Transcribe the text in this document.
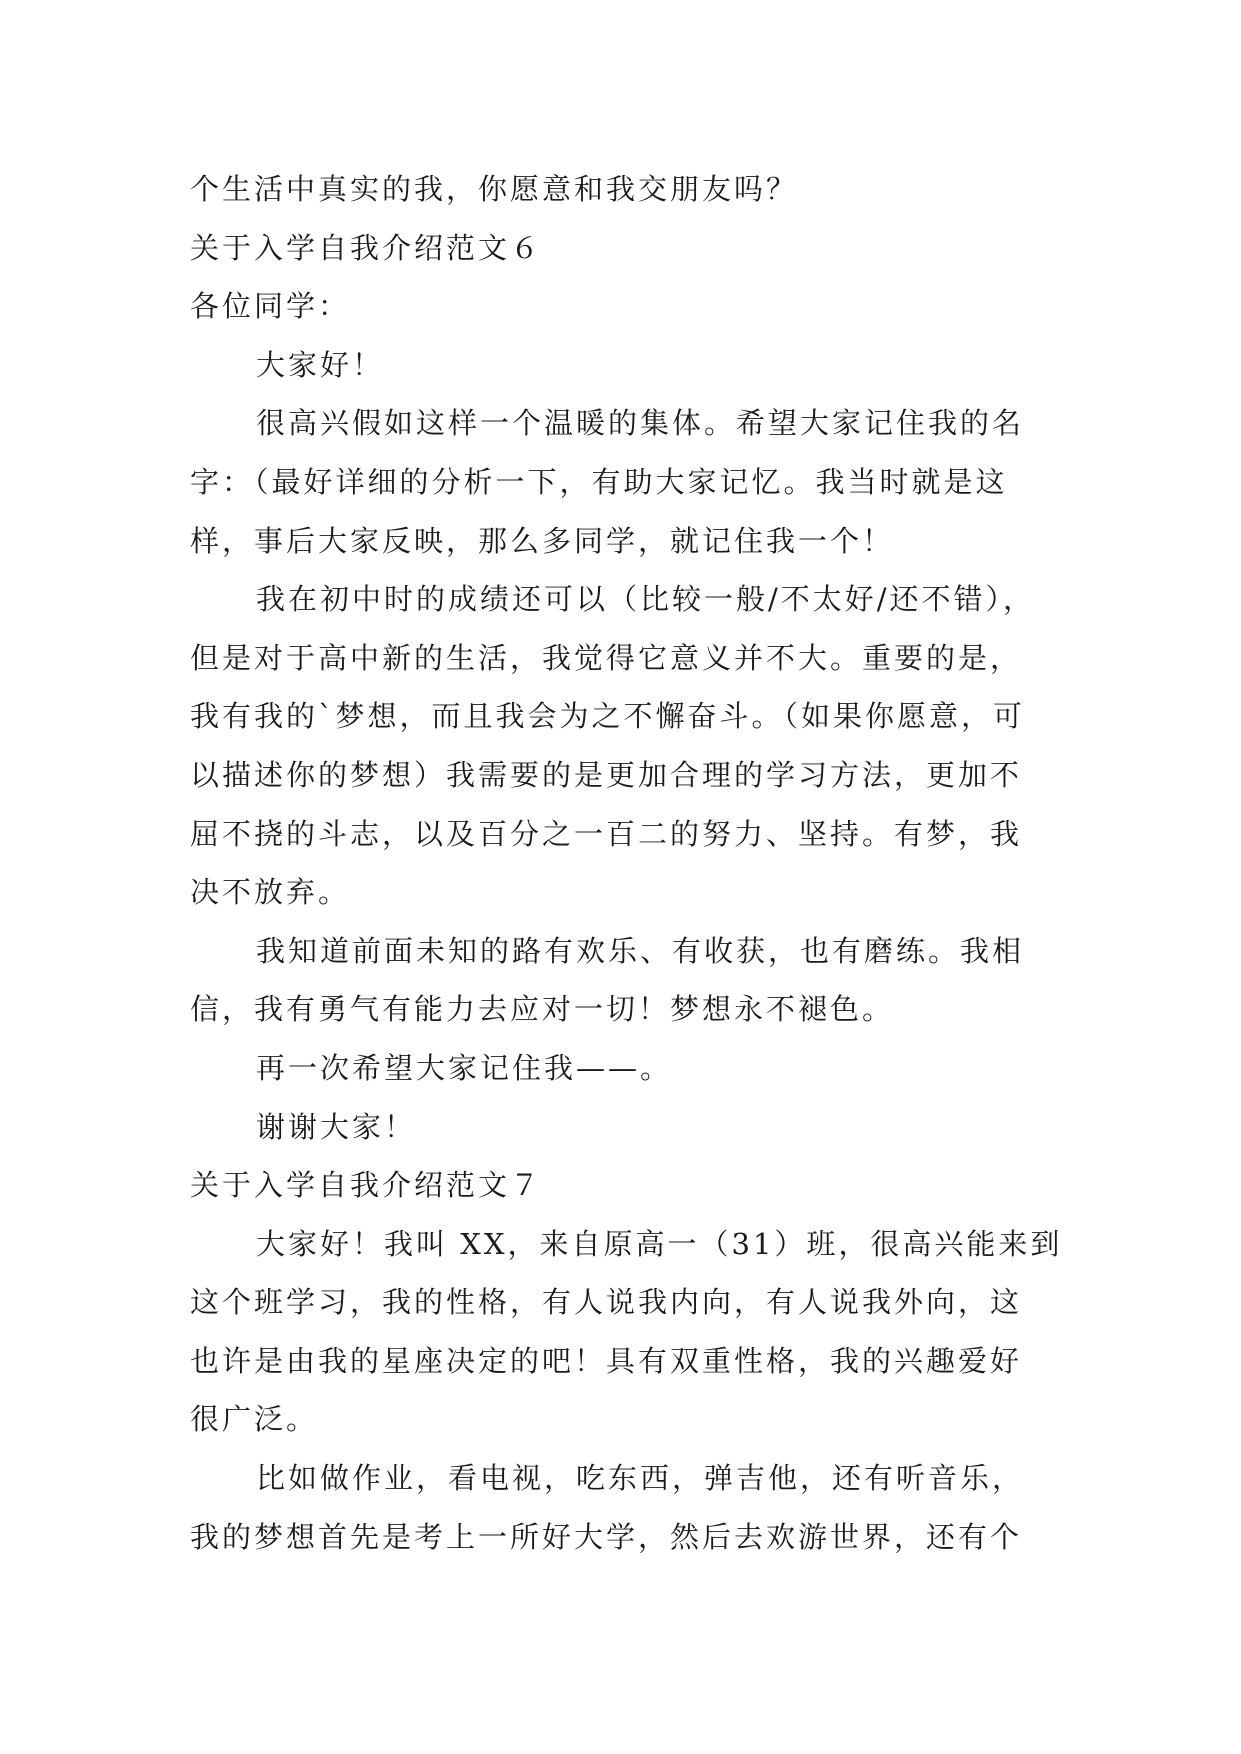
个生活中真实的我，你愿意和我交朋友吗？
关于入学自我介绍范文６
各位同学：
大家好！
很高兴假如这样一个温暖的集体。希望大家记住我的名
字：（最好详细的分析一下，有助大家记忆。我当时就是这
样，事后大家反映，那么多同学，就记住我一个！
我在初中时的成绩还可以（比较一般/不太好/还不错），
但是对于高中新的生活，我觉得它意义并不大。重要的是，
我有我的`梦想，而且我会为之不懈奋斗。（如果你愿意，可
以描述你的梦想）我需要的是更加合理的学习方法，更加不
屈不挠的斗志，以及百分之一百二的努力、坚持。有梦，我
决不放弃。
我知道前面未知的路有欢乐、有收获，也有磨练。我相
信，我有勇气有能力去应对一切！梦想永不褪色。
再一次希望大家记住我——。
谢谢大家！
关于入学自我介绍范文７
大家好！我叫 XX，来自原高一（31）班，很高兴能来到
这个班学习，我的性格，有人说我内向，有人说我外向，这
也许是由我的星座决定的吧！具有双重性格，我的兴趣爱好
很广泛。
比如做作业，看电视，吃东西，弹吉他，还有听音乐，
我的梦想首先是考上一所好大学，然后去欢游世界，还有个
